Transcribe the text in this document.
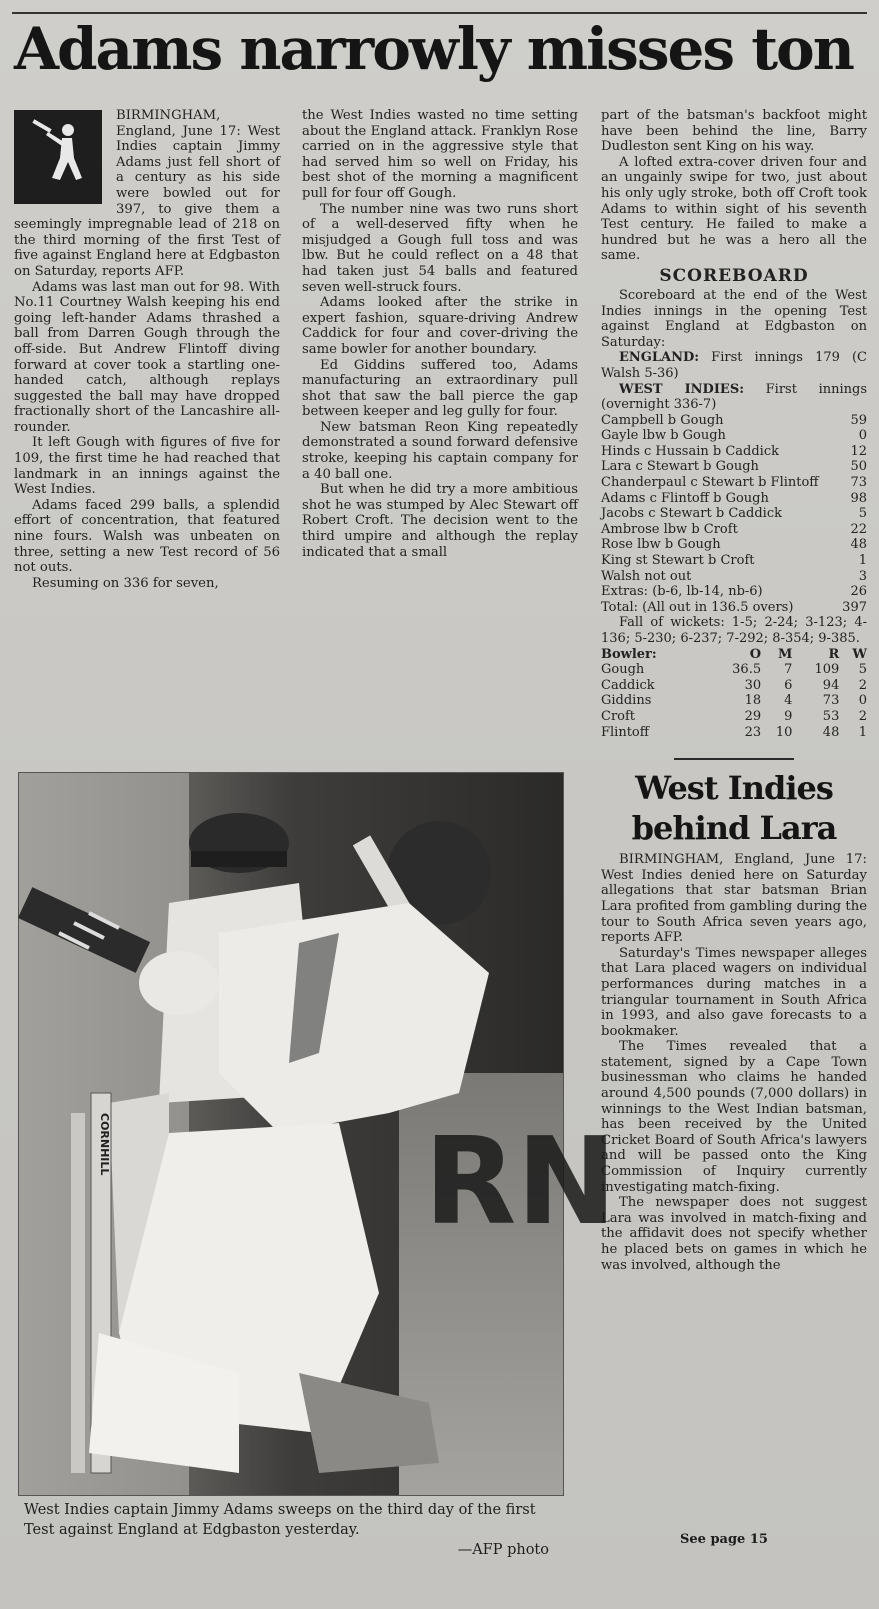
Adams narrowly misses ton

BIRMINGHAM, England, June 17: West Indies captain Jimmy Adams just fell short of a century as his side were bowled out for 397, to give them a seemingly impregnable lead of 218 on the third morning of the first Test of five against England here at Edgbaston on Saturday, reports AFP.

Adams was last man out for 98. With No.11 Courtney Walsh keeping his end going left-hander Adams thrashed a ball from Darren Gough through the off-side. But Andrew Flintoff diving forward at cover took a startling one-handed catch, although replays suggested the ball may have dropped fractionally short of the Lancashire all-rounder.

It left Gough with figures of five for 109, the first time he had reached that landmark in an innings against the West Indies.

Adams faced 299 balls, a splendid effort of concentration, that featured nine fours. Walsh was unbeaten on three, setting a new Test record of 56 not outs.

Resuming on 336 for seven,

the West Indies wasted no time setting about the England attack. Franklyn Rose carried on in the aggressive style that had served him so well on Friday, his best shot of the morning a magnificent pull for four off Gough.

The number nine was two runs short of a well-deserved fifty when he misjudged a Gough full toss and was lbw. But he could reflect on a 48 that had taken just 54 balls and featured seven well-struck fours.

Adams looked after the strike in expert fashion, square-driving Andrew Caddick for four and cover-driving the same bowler for another boundary.

Ed Giddins suffered too, Adams manufacturing an extraordinary pull shot that saw the ball pierce the gap between keeper and leg gully for four.

New batsman Reon King repeatedly demonstrated a sound forward defensive stroke, keeping his captain company for a 40 ball one.

But when he did try a more ambitious shot he was stumped by Alec Stewart off Robert Croft. The decision went to the third umpire and although the replay indicated that a small

part of the batsman's backfoot might have been behind the line, Barry Dudleston sent King on his way.

A lofted extra-cover driven four and an ungainly swipe for two, just about his only ugly stroke, both off Croft took Adams to within sight of his seventh Test century. He failed to make a hundred but he was a hero all the same.

SCOREBOARD

Scoreboard at the end of the West Indies innings in the opening Test against England at Edgbaston on Saturday:

ENGLAND: First innings 179 (C Walsh 5-36)
WEST INDIES: First innings (overnight 336-7)
Campbell b Gough	59
Gayle lbw b Gough	0
Hinds c Hussain b Caddick	12
Lara c Stewart b Gough	50
Chanderpaul c Stewart b Flintoff	73
Adams c Flintoff b Gough	98
Jacobs c Stewart b Caddick	5
Ambrose lbw b Croft	22
Rose lbw b Gough	48
King st Stewart b Croft	1
Walsh not out	3
Extras: (b-6, lb-14, nb-6)	26
Total: (All out in 136.5 overs)	397

Fall of wickets: 1-5; 2-24; 3-123; 4-136; 5-230; 6-237; 7-292; 8-354; 9-385.

Bowler:	O	M	R	W
Gough	36.5	7	109	5
Caddick	30	6	94	2
Giddins	18	4	73	0
Croft	29	9	53	2
Flintoff	23	10	48	1
West Indies behind Lara

BIRMINGHAM, England, June 17: West Indies denied here on Saturday allegations that star batsman Brian Lara profited from gambling during the tour to South Africa seven years ago, reports AFP.

Saturday's Times newspaper alleges that Lara placed wagers on individual performances during matches in a triangular tournament in South Africa in 1993, and also gave forecasts to a bookmaker.

The Times revealed that a statement, signed by a Cape Town businessman who claims he handed around 4,500 pounds (7,000 dollars) in winnings to the West Indian batsman, has been received by the United Cricket Board of South Africa's lawyers and will be passed onto the King Commission of Inquiry currently investigating match-fixing.

The newspaper does not suggest Lara was involved in match-fixing and the affidavit does not specify whether he placed bets on games in which he was involved, although the

See page 15
RN
CORNHILL
West Indies captain Jimmy Adams sweeps on the third day of the first Test against England at Edgbaston yesterday.
—AFP photo
